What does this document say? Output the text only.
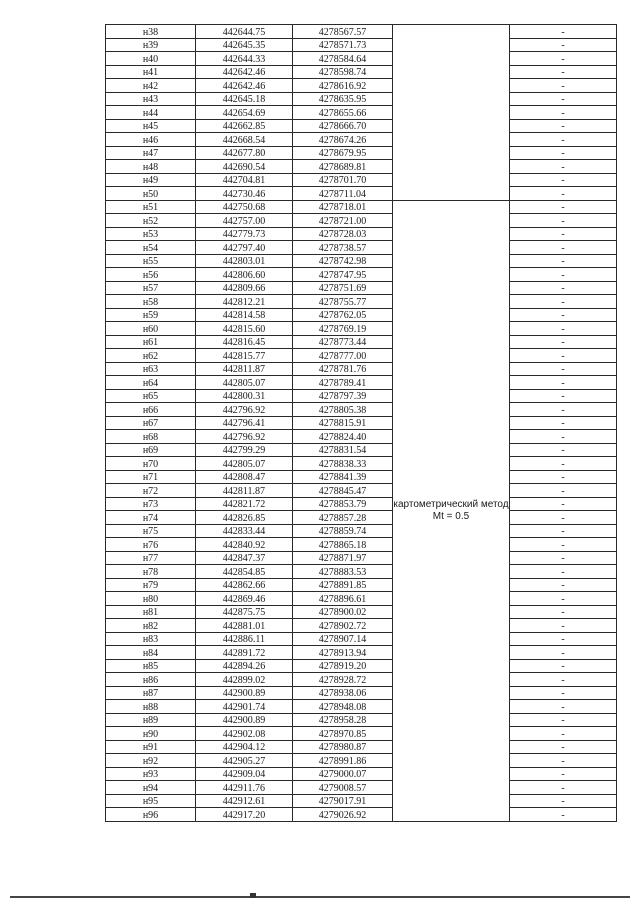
н38	442644.75	4278567.57		-
н39	442645.35	4278571.73		-
н40	442644.33	4278584.64		-
н41	442642.46	4278598.74		-
н42	442642.46	4278616.92		-
н43	442645.18	4278635.95		-
н44	442654.69	4278655.66		-
н45	442662.85	4278666.70		-
н46	442668.54	4278674.26		-
н47	442677.80	4278679.95		-
н48	442690.54	4278689.81		-
н49	442704.81	4278701.70		-
н50	442730.46	4278711.04		-
н51	442750.68	4278718.01	картометрический метод Mt = 0.5	-
н52	442757.00	4278721.00		-
н53	442779.73	4278728.03		-
н54	442797.40	4278738.57		-
н55	442803.01	4278742.98		-
н56	442806.60	4278747.95		-
н57	442809.66	4278751.69		-
н58	442812.21	4278755.77		-
н59	442814.58	4278762.05		-
н60	442815.60	4278769.19		-
н61	442816.45	4278773.44		-
н62	442815.77	4278777.00		-
н63	442811.87	4278781.76		-
н64	442805.07	4278789.41		-
н65	442800.31	4278797.39		-
н66	442796.92	4278805.38		-
н67	442796.41	4278815.91		-
н68	442796.92	4278824.40		-
н69	442799.29	4278831.54		-
н70	442805.07	4278838.33		-
н71	442808.47	4278841.39		-
н72	442811.87	4278845.47		-
н73	442821.72	4278853.79		-
н74	442826.85	4278857.28		-
н75	442833.44	4278859.74		-
н76	442840.92	4278865.18		-
н77	442847.37	4278871.97		-
н78	442854.85	4278883.53		-
н79	442862.66	4278891.85		-
н80	442869.46	4278896.61		-
н81	442875.75	4278900.02		-
н82	442881.01	4278902.72		-
н83	442886.11	4278907.14		-
н84	442891.72	4278913.94		-
н85	442894.26	4278919.20		-
н86	442899.02	4278928.72		-
н87	442900.89	4278938.06		-
н88	442901.74	4278948.08		-
н89	442900.89	4278958.28		-
н90	442902.08	4278970.85		-
н91	442904.12	4278980.87		-
н92	442905.27	4278991.86		-
н93	442909.04	4279000.07		-
н94	442911.76	4279008.57		-
н95	442912.61	4279017.91		-
н96	442917.20	4279026.92		-
